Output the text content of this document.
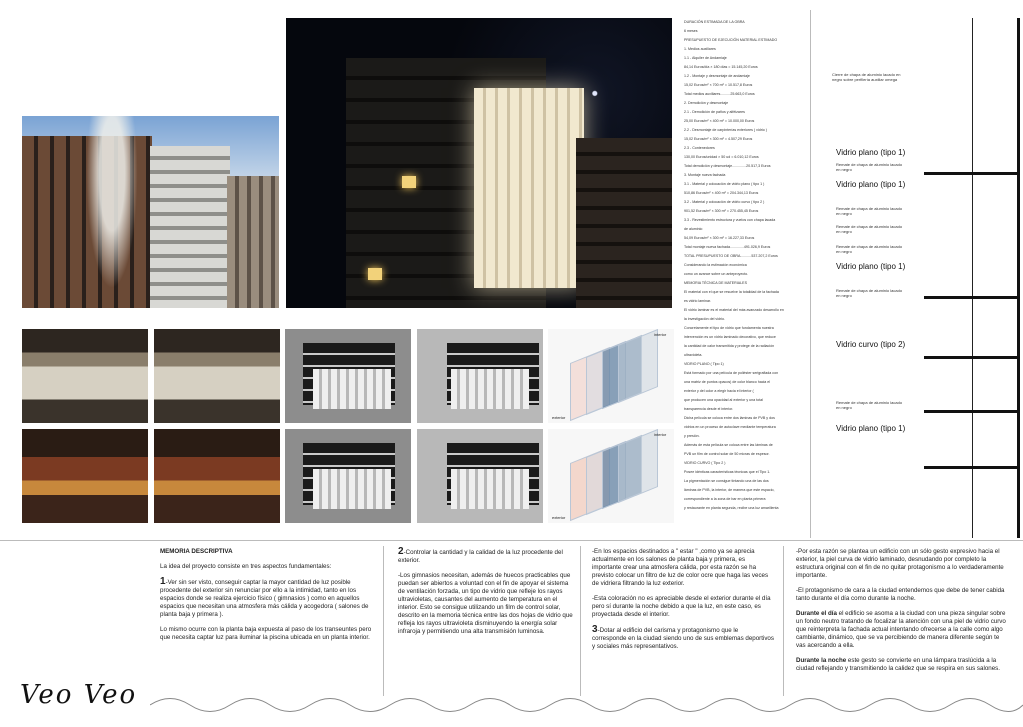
DURACIÓN ESTIMADA DE LA OBRA
6 meses
PRESUPUESTO DE EJECUCIÓN MATERIAL ESTIMADO
1. Medios auxiliares
1.1 - Alquiler de Andamiaje
84,14 Euros/día × 180 días = 15.145,20 Euros
1.2 - Montaje y desmontaje de andamiaje
15,02 Euros/m² × 700 m² = 10.517,8 Euros
Total medios auxiliares..........25.663,0 Euros
2. Demolición y desmontaje
2.1 - Demolición de paños y alféizares
25,00 Euros/m² × 400 m² = 10.000,00 Euros
2.2 - Desmontaje de carpinterías exteriores ( vidrio )
15,02 Euros/m² × 300 m² = 4.507,29 Euros
2.3 - Contenedores
130,00 Euros/unidad × 50 ud = 6.010,12 Euros
Total demolición y desmontaje..............20.517,3 Euros
3. Montaje nueva fachada
3.1 - Material y colocación de vidrio plano ( tipo 1 )
510,86 Euros/m² × 400 m² = 204.344,13 Euros
3.2 - Material y colocación de vidrio curvo ( tipo 2 )
901,52 Euros/m² × 300 m² = 270.455,45 Euros
3.3 - Revestimiento estructura y vuelos con chapa lacada
de aluminio
54,09 Euros/m² × 300 m² = 16.227,33 Euros
Total montaje nueva fachada..............491.026,9 Euros
TOTAL PRESUPUESTO DE OBRA...........537.207,2 Euros
Considerando la estimación económica
como un avance sobre un anteproyecto.
MEMORIA TÉCNICA DE MATERIALES
El material con el que se resuelve la totalidad de la fachada
es vidrio laminar.
El vidrio laminar es el material del más avanzado desarrollo en
la investigación del vidrio.
Concretamente el tipo de vidrio que fundamenta nuestra
intervención es un vidrio laminado decorativo, que reduce
la cantidad de calor transmitida y protege de la radiación
ultravioleta.
VIDRIO PLANO ( Tipo 1)
Está formado por una película de poliéster serigrafiada con
una matriz de puntos opacos) de color blanco hacia el
exterior y del color a elegir hacia el interior (
que producen una opacidad al exterior y una total
transparencia desde el interior.
Dicha película se coloca entre dos láminas de PVB y dos
vidrios en un proceso de autoclave mediante temperatura
y presión.
Además de esta película se coloca entre las láminas de
PVB un film de control solar de 50 micras de espesor.
VIDRIO CURVO ( Tipo 2 )
Posee idénticas características técnicas que el Tipo 1.
La pigmentación se consigue tintando una de las dos
láminas de PVB, la interior, de manera que este espacio,
correspondiente a la zona de bar en planta primera
y restaurante en planta segunda, recibe una luz amarillenta
interior
exterior
interior
exterior
Cierre de chapa de aluminio lacado en negro sobre perfilería auxiliar omega
Vidrio plano (tipo 1)
Remate de chapa de aluminio lacado en negro
Vidrio plano (tipo 1)
Remate de chapa de aluminio lacado en negro
Remate de chapa de aluminio lacado en negro
Remate de chapa de aluminio lacado en negro
Vidrio plano (tipo 1)
Remate de chapa de aluminio lacado en negro
Vidrio curvo (tipo 2)
Remate de chapa de aluminio lacado en negro
Vidrio plano (tipo 1)

MEMORIA DESCRIPTIVA

La idea del proyecto consiste en tres aspectos fundamentales:

1-Ver sin ser visto, conseguir captar la mayor cantidad de luz posible procedente del exterior sin renunciar por ello a la intimidad, tanto en los espacios donde se realiza ejercicio físico ( gimnasios ) como en aquellos espacios que necesitan una atmosfera más cálida y acogedora ( salones de planta baja y primera ).

Lo mismo ocurre con la planta baja expuesta al paso de los transeuntes pero que necesita captar luz para iluminar la piscina ubicada en un planta interior.

2-Controlar la cantidad y la calidad de la luz procedente del exterior.

-Los gimnasios necesitan, además de huecos practicables que puedan ser abiertos a voluntad con el fin de apoyar el sistema de ventilación forzada, un tipo de vidrio que refleje los rayos ultravioletas, causantes del aumento de temperatura en el interior. Esto se consigue utilizando un film de control solar, descrito en la memoria técnica entre las dos hojas de vidrio que refleja los rayos ultravioleta disminuyendo la energía solar infraroja y permitiendo una alta transmisión luminosa.

-En los espacios destinados a " estar " ,como ya se aprecia actualmente en los salones de planta baja y primera, es importante crear una atmosfera cálida, por esta razón se ha previsto colocar un filtro de luz de color ocre que haga las veces de vidriera filtrando la luz exterior.

-Esta coloración no es apreciable desde el exterior durante el día pero sí durante la noche debido a que la luz, en este caso, es proyectada desde el interior.

3-Dotar al edificio del carisma y protagonismo que le corresponde en la ciudad siendo uno de sus emblemas deportivos y sociales más representativos.

-Por esta razón se plantea un edificio con un sólo gesto expresivo hacia el exterior, la piel curva de vidrio laminado, desnudando por completo la estructura original con el fin de no quitar protagonismo a lo verdaderamente importante.

-El protagonismo de cara a la ciudad entendemos que debe de tener cabida tanto durante el día como durante la noche.

Durante el día el edificio se asoma a la ciudad con una pieza singular sobre un fondo neutro tratando de focalizar la atención con una piel de vidrio curvo que reinterpreta la fachada actual intentando ofrecerse a la calle como algo cambiante, dinámico, que se va percibiendo de manera diferente según te vas acercando a ella.

Durante la noche este gesto se convierte en una lámpara traslúcida a la ciudad reflejando y transmitiendo la calidez que se respira en sus salones.

Veo Veo
